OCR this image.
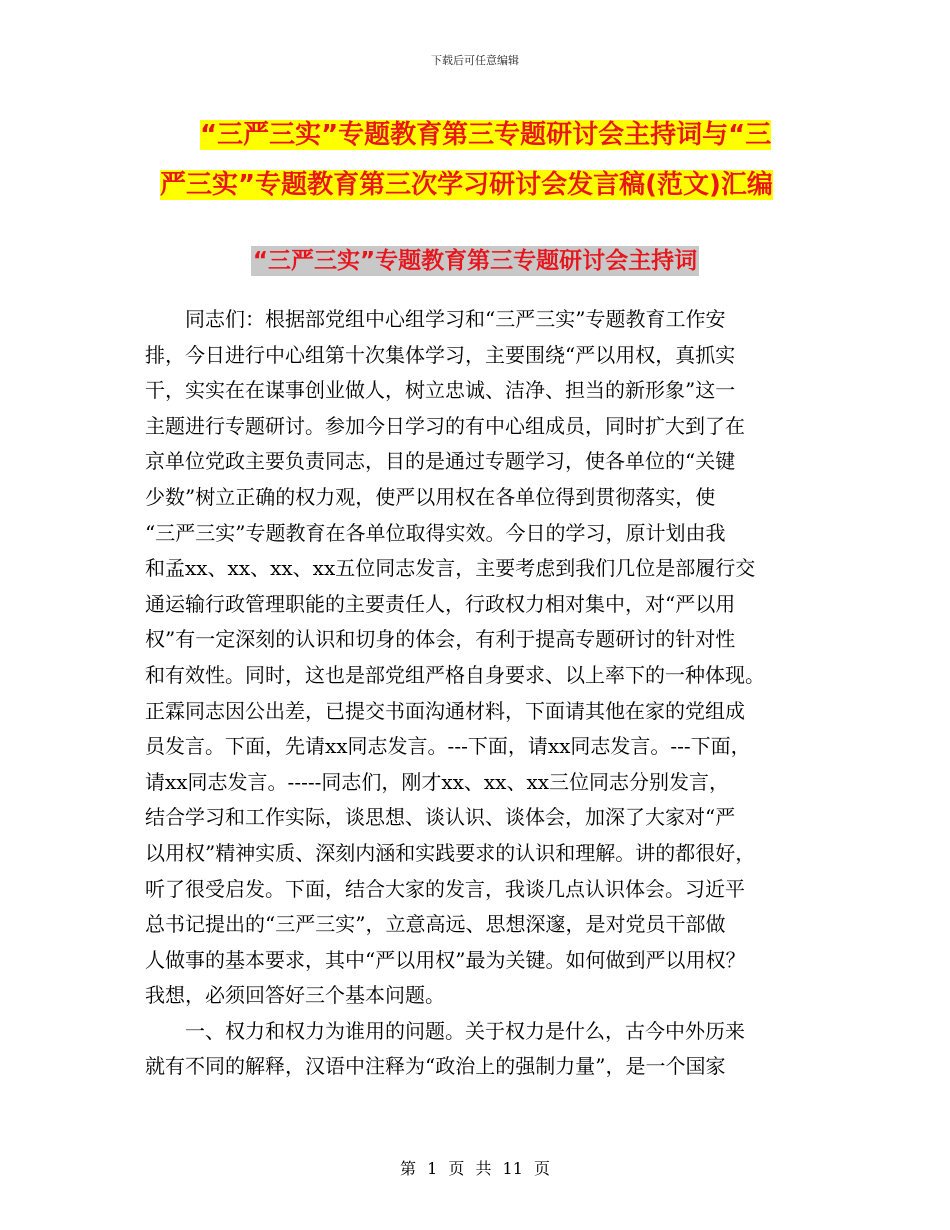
下载后可任意编辑
“三严三实”专题教育第三专题研讨会主持词与“三
严三实”专题教育第三次学习研讨会发言稿(范文)汇编
“三严三实”专题教育第三专题研讨会主持词
　　同志们：根据部党组中心组学习和“三严三实”专题教育工作安
排，今日进行中心组第十次集体学习，主要围绕“严以用权，真抓实
干，实实在在谋事创业做人，树立忠诚、洁净、担当的新形象”这一
主题进行专题研讨。参加今日学习的有中心组成员，同时扩大到了在
京单位党政主要负责同志，目的是通过专题学习，使各单位的“关键
少数”树立正确的权力观，使严以用权在各单位得到贯彻落实，使
“三严三实”专题教育在各单位取得实效。今日的学习，原计划由我
和孟xx、xx、xx、xx五位同志发言，主要考虑到我们几位是部履行交
通运输行政管理职能的主要责任人，行政权力相对集中，对“严以用
权”有一定深刻的认识和切身的体会，有利于提高专题研讨的针对性
和有效性。同时，这也是部党组严格自身要求、以上率下的一种体现。
正霖同志因公出差，已提交书面沟通材料，下面请其他在家的党组成
员发言。下面，先请xx同志发言。---下面，请xx同志发言。---下面，
请xx同志发言。-----同志们，刚才xx、xx、xx三位同志分别发言，
结合学习和工作实际，谈思想、谈认识、谈体会，加深了大家对“严
以用权”精神实质、深刻内涵和实践要求的认识和理解。讲的都很好，
听了很受启发。下面，结合大家的发言，我谈几点认识体会。习近平
总书记提出的“三严三实”，立意高远、思想深邃，是对党员干部做
人做事的基本要求，其中“严以用权”最为关键。如何做到严以用权？
我想，必须回答好三个基本问题。
　　一、权力和权力为谁用的问题。关于权力是什么，古今中外历来
就有不同的解释，汉语中注释为“政治上的强制力量”，是一个国家
第 1 页 共 11 页
